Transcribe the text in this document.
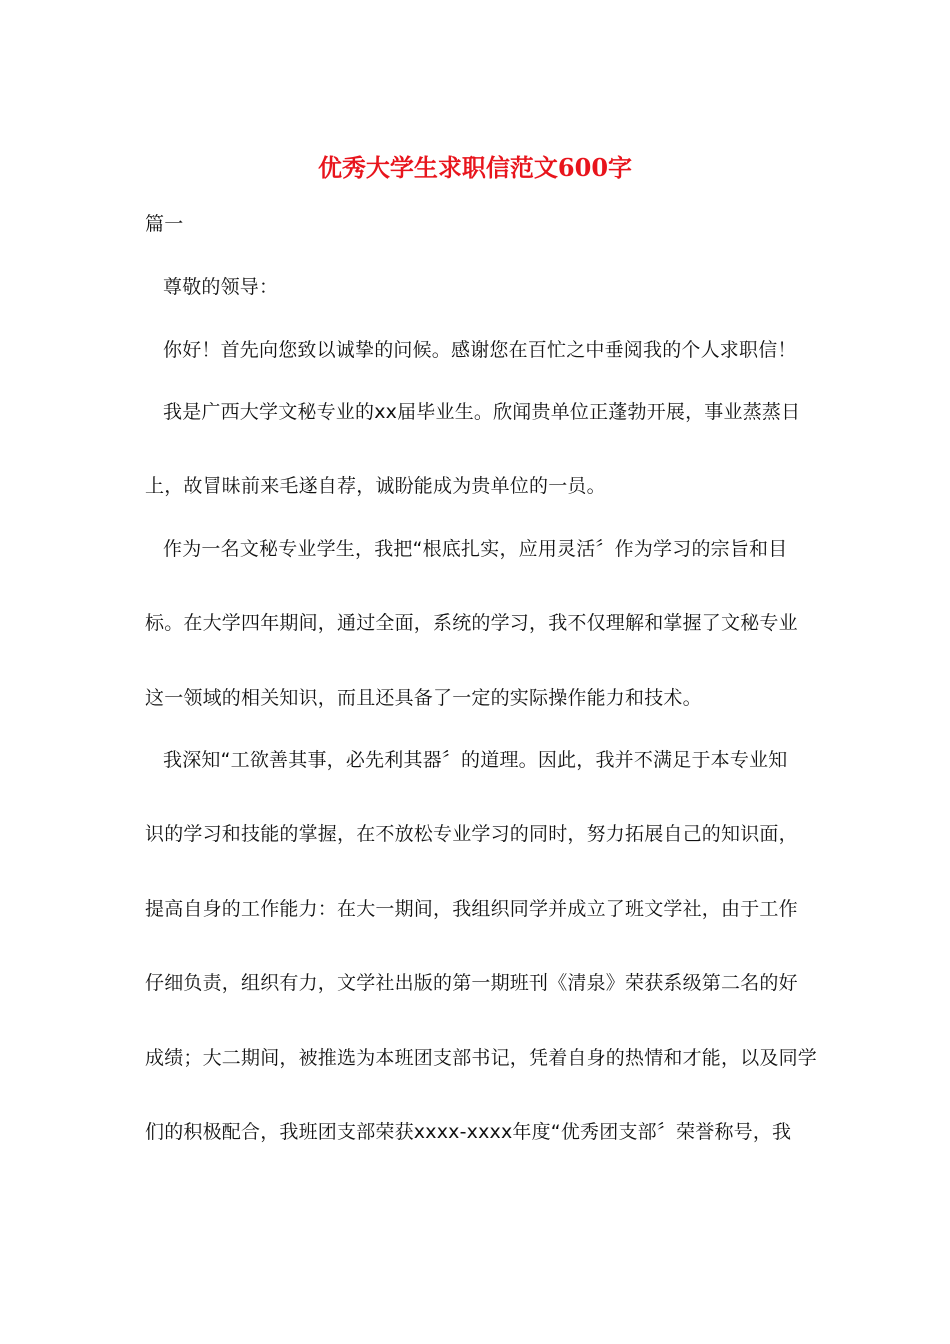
优秀大学生求职信范文600字
篇一
尊敬的领导：
你好！首先向您致以诚挚的问候。感谢您在百忙之中垂阅我的个人求职信！
我是广西大学文秘专业的xx届毕业生。欣闻贵单位正蓬勃开展，事业蒸蒸日
上，故冒昧前来毛遂自荐，诚盼能成为贵单位的一员。
作为一名文秘专业学生，我把“根底扎实，应用灵活〞作为学习的宗旨和目
标。在大学四年期间，通过全面，系统的学习，我不仅理解和掌握了文秘专业
这一领域的相关知识，而且还具备了一定的实际操作能力和技术。
我深知“工欲善其事，必先利其器〞的道理。因此，我并不满足于本专业知
识的学习和技能的掌握，在不放松专业学习的同时，努力拓展自己的知识面，
提高自身的工作能力：在大一期间，我组织同学并成立了班文学社，由于工作
仔细负责，组织有力，文学社出版的第一期班刊《清泉》荣获系级第二名的好
成绩；大二期间，被推选为本班团支部书记，凭着自身的热情和才能，以及同学
们的积极配合，我班团支部荣获xxxx-xxxx年度“优秀团支部〞荣誉称号，我
